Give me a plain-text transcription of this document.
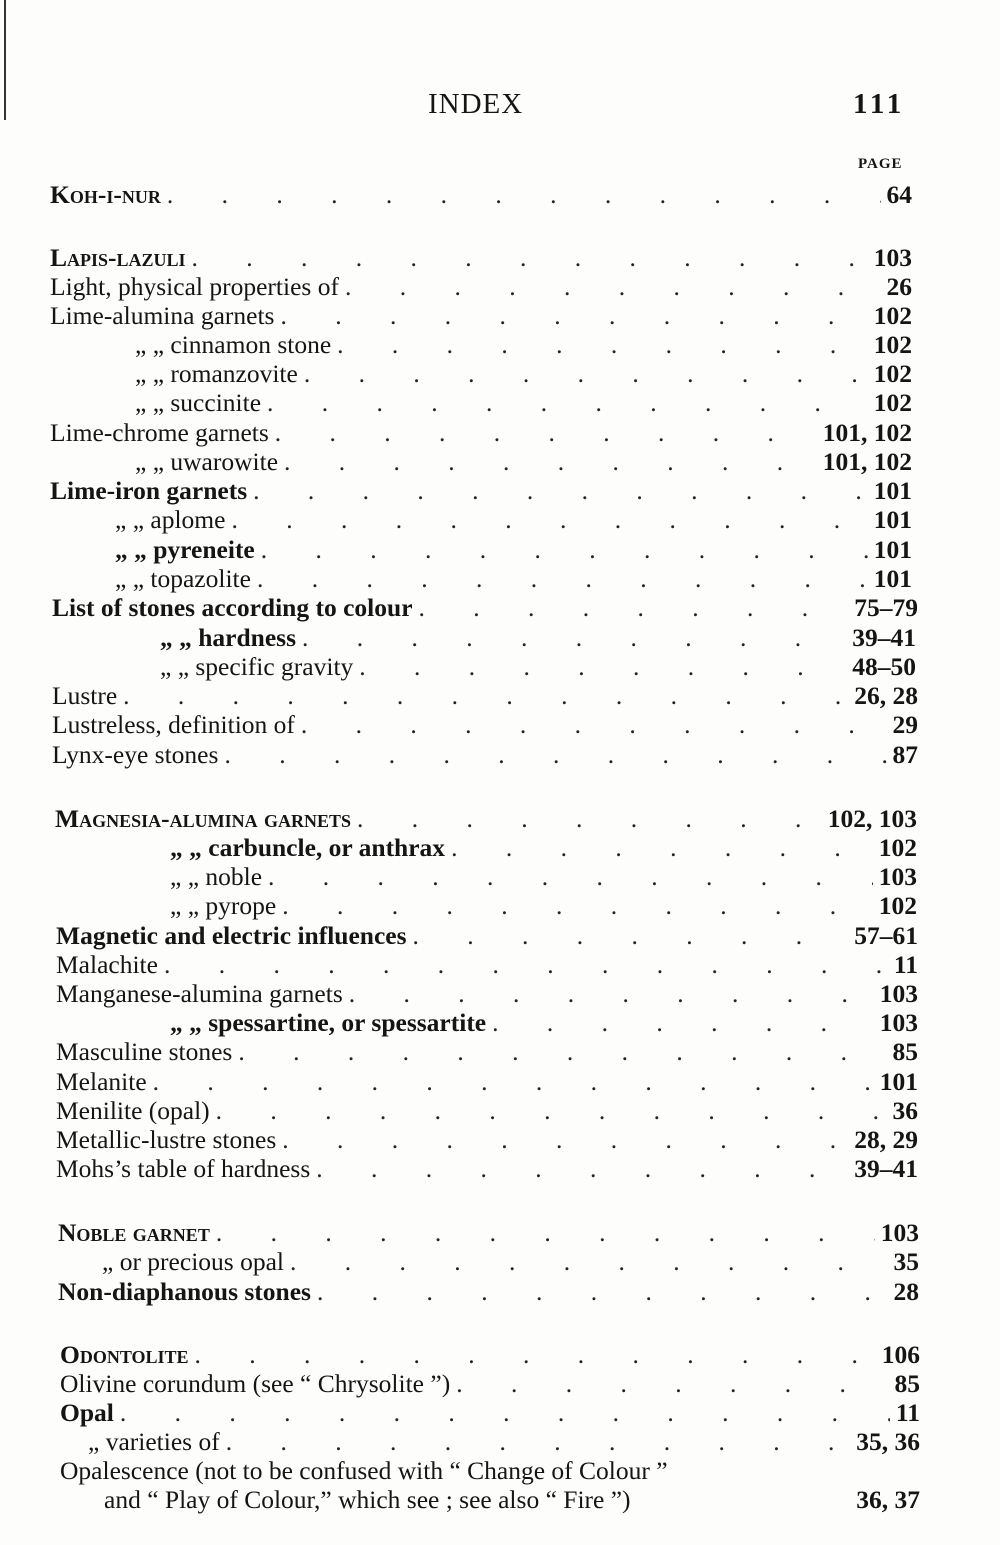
INDEX	111
PAGE
Koh-i-nur . . .	64
Lapis-lazuli . . .	103
Light, physical properties of . . .	26
Lime-alumina garnets . . .	102
„ „ cinnamon stone . . .	102
„ „ romanzovite . . .	102
„ „ succinite . . .	102
Lime-chrome garnets . . .	101, 102
„ „ uwarowite . . .	101, 102
Lime-iron garnets . . .	101
„ „ aplome . . .	101
„ „ pyreneite . . .	101
„ „ topazolite . . .	101
List of stones according to colour . . .	75–79
„ „ hardness . . .	39–41
„ „ specific gravity . . .	48–50
Lustre . . .	26, 28
Lustreless, definition of . . .	29
Lynx-eye stones . . .	87
Magnesia-alumina garnets . . .	102, 103
„ „ carbuncle, or anthrax . . .	102
„ „ noble . . .	103
„ „ pyrope . . .	102
Magnetic and electric influences . . .	57–61
Malachite . . .	11
Manganese-alumina garnets . . .	103
„ „ spessartine, or spessartite . . .	103
Masculine stones . . .	85
Melanite . . .	101
Menilite (opal) . . .	36
Metallic-lustre stones . . .	28, 29
Mohs’s table of hardness . . .	39–41
Noble garnet . . .	103
„ or precious opal . . .	35
Non-diaphanous stones . . .	28
Odontolite . . .	106
Olivine corundum (see “ Chrysolite ”) . . .	85
Opal . . .	11
„ varieties of . . .	35, 36
Opalescence (not to be confused with “ Change of Colour ”
and “ Play of Colour,” which see ; see also “ Fire ”)	36, 37
